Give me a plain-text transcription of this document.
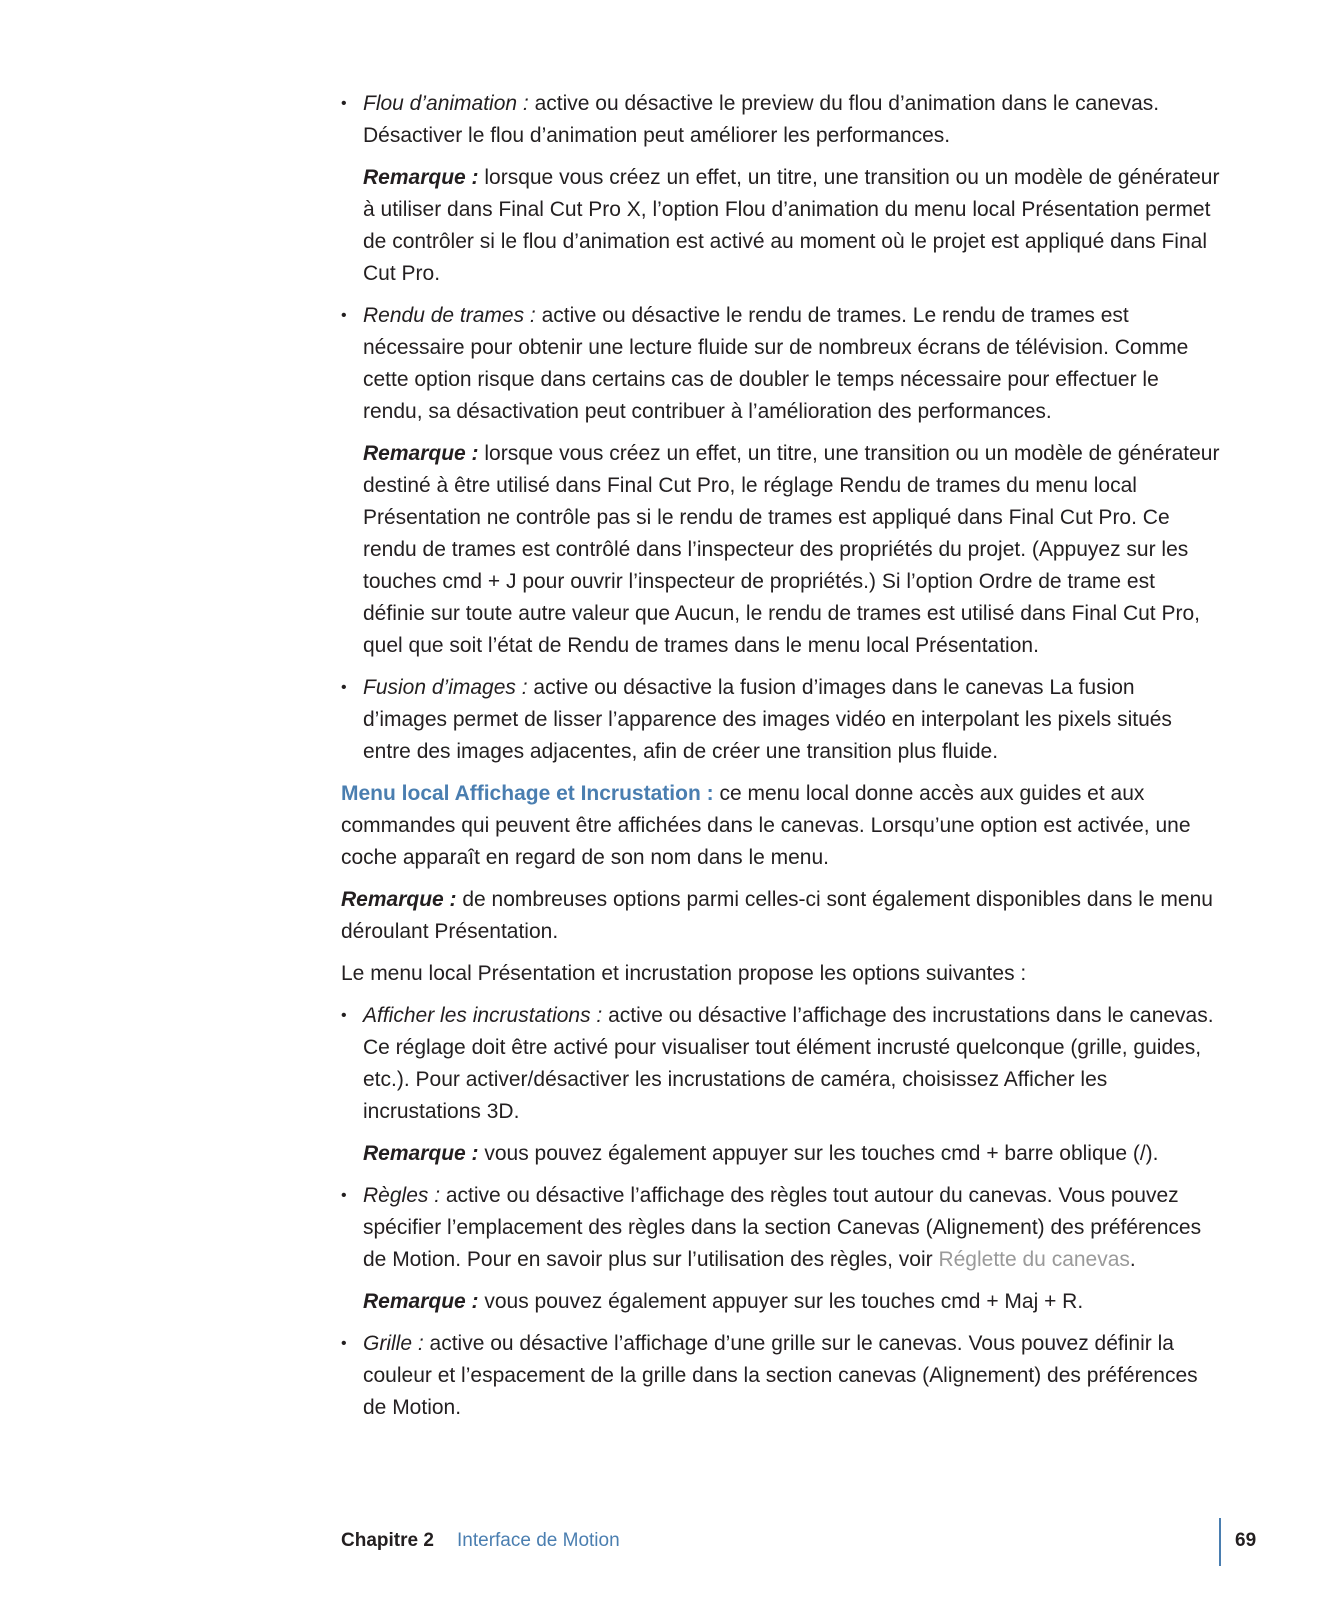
• Flou d’animation : active ou désactive le preview du flou d’animation dans le canevas. Désactiver le flou d’animation peut améliorer les performances.
Remarque : lorsque vous créez un effet, un titre, une transition ou un modèle de générateur à utiliser dans Final Cut Pro X, l’option Flou d’animation du menu local Présentation permet de contrôler si le flou d’animation est activé au moment où le projet est appliqué dans Final Cut Pro.
• Rendu de trames : active ou désactive le rendu de trames. Le rendu de trames est nécessaire pour obtenir une lecture fluide sur de nombreux écrans de télévision. Comme cette option risque dans certains cas de doubler le temps nécessaire pour effectuer le rendu, sa désactivation peut contribuer à l’amélioration des performances.
Remarque : lorsque vous créez un effet, un titre, une transition ou un modèle de générateur destiné à être utilisé dans Final Cut Pro, le réglage Rendu de trames du menu local Présentation ne contrôle pas si le rendu de trames est appliqué dans Final Cut Pro. Ce rendu de trames est contrôlé dans l’inspecteur des propriétés du projet. (Appuyez sur les touches cmd + J pour ouvrir l’inspecteur de propriétés.) Si l’option Ordre de trame est définie sur toute autre valeur que Aucun, le rendu de trames est utilisé dans Final Cut Pro, quel que soit l’état de Rendu de trames dans le menu local Présentation.
• Fusion d’images : active ou désactive la fusion d’images dans le canevas La fusion d’images permet de lisser l’apparence des images vidéo en interpolant les pixels situés entre des images adjacentes, afin de créer une transition plus fluide.

Menu local Affichage et Incrustation : ce menu local donne accès aux guides et aux commandes qui peuvent être affichées dans le canevas. Lorsqu’une option est activée, une coche apparaît en regard de son nom dans le menu.

Remarque : de nombreuses options parmi celles-ci sont également disponibles dans le menu déroulant Présentation.

Le menu local Présentation et incrustation propose les options suivantes :

• Afficher les incrustations : active ou désactive l’affichage des incrustations dans le canevas. Ce réglage doit être activé pour visualiser tout élément incrusté quelconque (grille, guides, etc.). Pour activer/désactiver les incrustations de caméra, choisissez Afficher les incrustations 3D.
Remarque : vous pouvez également appuyer sur les touches cmd + barre oblique (/).
• Règles : active ou désactive l’affichage des règles tout autour du canevas. Vous pouvez spécifier l’emplacement des règles dans la section Canevas (Alignement) des préférences de Motion. Pour en savoir plus sur l’utilisation des règles, voir Réglette du canevas.
Remarque : vous pouvez également appuyer sur les touches cmd + Maj + R.
• Grille : active ou désactive l’affichage d’une grille sur le canevas. Vous pouvez définir la couleur et l’espacement de la grille dans la section canevas (Alignement) des préférences de Motion.
Chapitre 2 Interface de Motion	69
